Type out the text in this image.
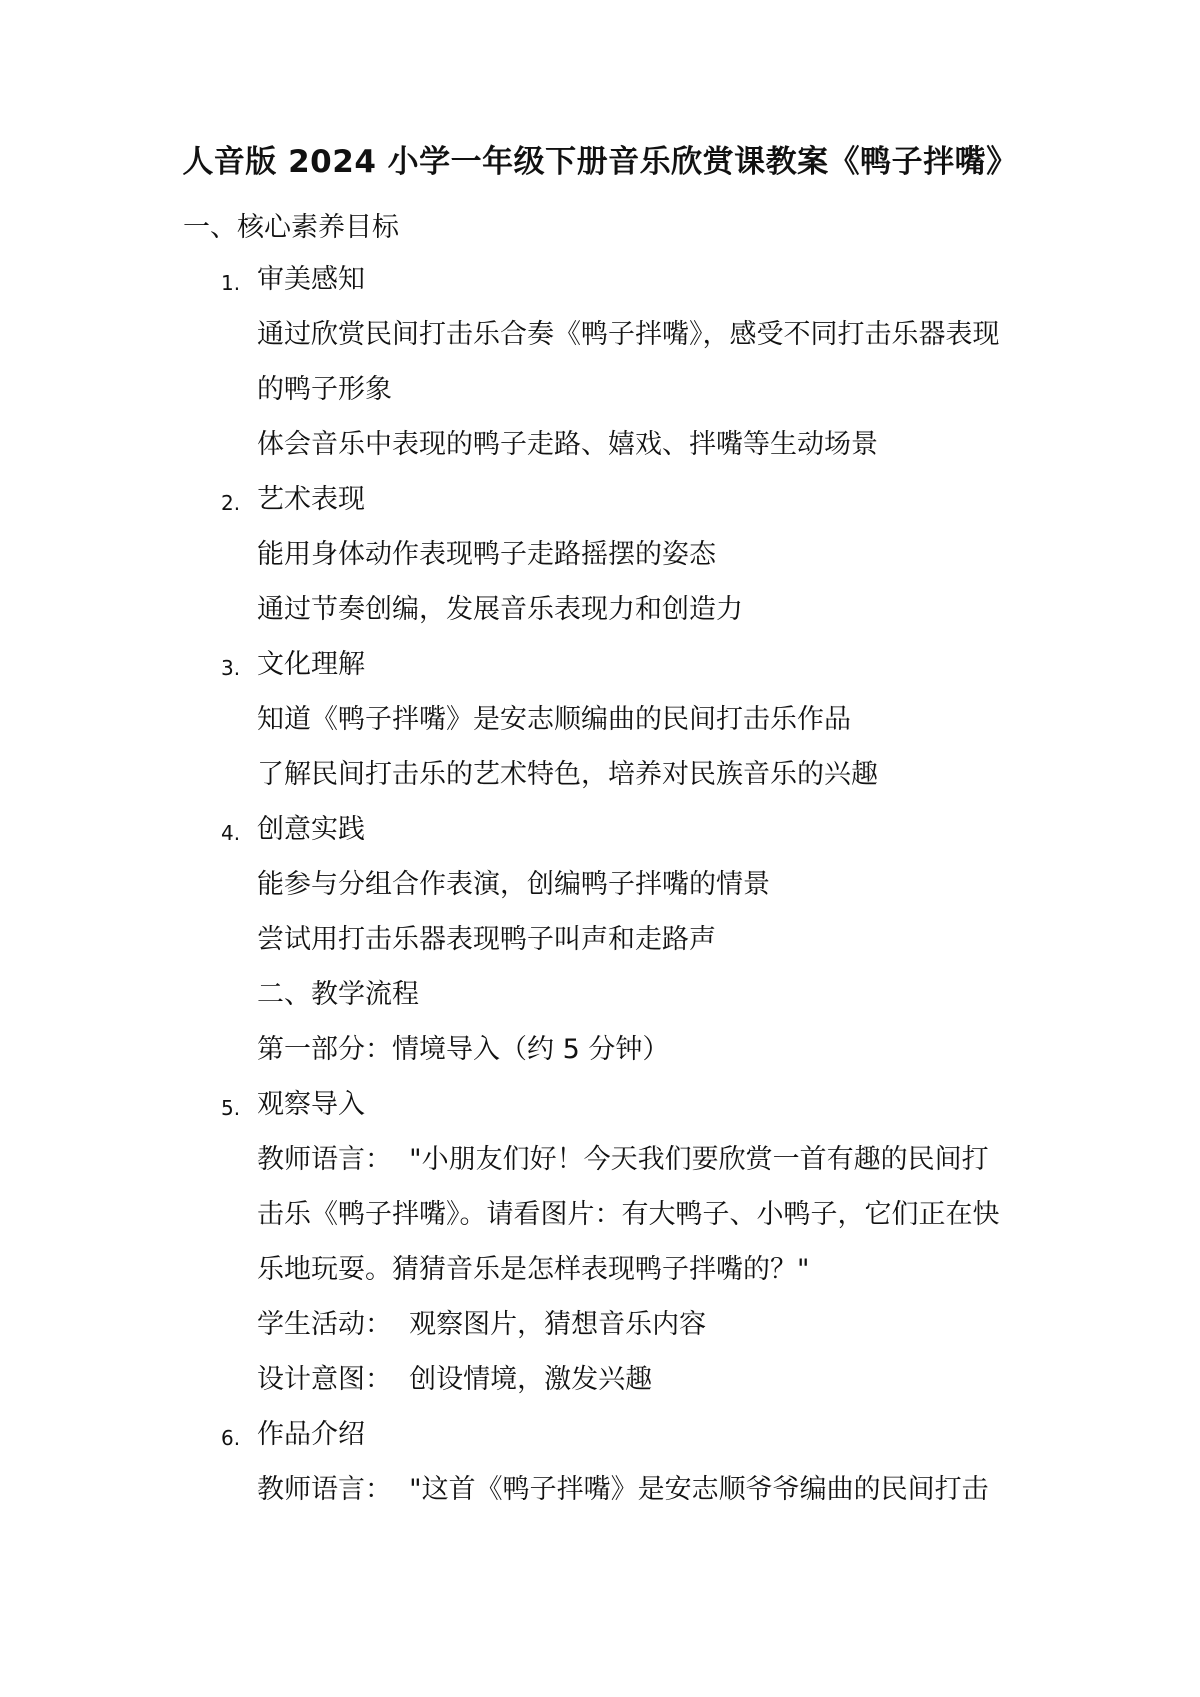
人音版 2024 小学一年级下册音乐欣赏课教案《鸭子拌嘴》
一、核心素养目标
1. 审美感知
通过欣赏民间打击乐合奏《鸭子拌嘴》，感受不同打击乐器表现
的鸭子形象
体会音乐中表现的鸭子走路、嬉戏、拌嘴等生动场景
2. 艺术表现
能用身体动作表现鸭子走路摇摆的姿态
通过节奏创编，发展音乐表现力和创造力
3. 文化理解
知道《鸭子拌嘴》是安志顺编曲的民间打击乐作品
了解民间打击乐的艺术特色，培养对民族音乐的兴趣
4. 创意实践
能参与分组合作表演，创编鸭子拌嘴的情景
尝试用打击乐器表现鸭子叫声和走路声
二、教学流程
第一部分：情境导入（约 5 分钟）
5. 观察导入
教师语言：  "小朋友们好！今天我们要欣赏一首有趣的民间打
击乐《鸭子拌嘴》。请看图片：有大鸭子、小鸭子，它们正在快
乐地玩耍。猜猜音乐是怎样表现鸭子拌嘴的？"
学生活动：  观察图片，猜想音乐内容
设计意图：  创设情境，激发兴趣
6. 作品介绍
教师语言：  "这首《鸭子拌嘴》是安志顺爷爷编曲的民间打击
